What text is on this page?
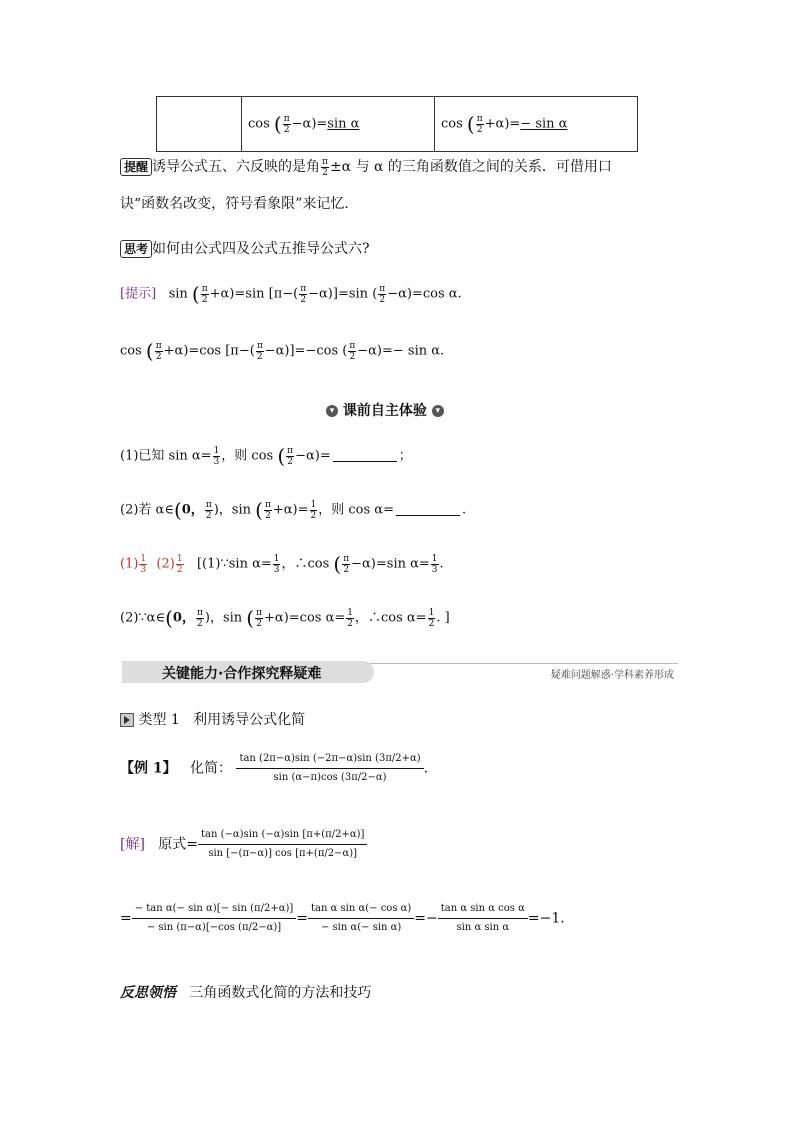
	cos ( $\frac{\pi}{2} -\alpha)=\sin$ α	cos ( $\frac{\pi}{2} +\alpha)=- \sin \alpha$
提醒 诱导公式五、六反映的是角 $\frac{\pi}{2} \pm\alpha$ 与 α 的三角函数值之间的关系．可借用口
诀“函数名改变，符号看象限”来记忆.
思考 如何由公式四及公式五推导公式六?
[提示] sin ( $\frac{\pi}{2} +\alpha)=\sin$ $[\pi-( \frac{\pi}{2} -\alpha)]=\sin$ ( $\frac{\pi}{2} -\alpha)=\cos$ α.
cos ( $\frac{\pi}{2} +\alpha)=\cos$ $[\pi-( \frac{\pi}{2} -\alpha)]=-\cos$ ( $\frac{\pi}{2} -\alpha)=- \sin \alpha$.
▾ 课前自主体验 ▾
(1)已知 $\sin \alpha= \frac{1}{3}$ ，则 cos ( $\frac{\pi}{2} -\alpha)=$	；
(2)若 α∈(0， $\frac{\pi}{2}$ )，sin ( $\frac{\pi}{2} +\alpha)= \frac{1}{2}$ ，则 cos α=	.
$(1) \frac{1}{3} (2) \frac{1}{2}$ [(1)∵sin $\alpha= \frac{1}{3}$ ，∴cos ( $\frac{\pi}{2} -\alpha)=\sin$ $\alpha= \frac{1}{3}$ .
(2)∵α∈(0， $\frac{\pi}{2}$ )，sin ( $\frac{\pi}{2} +\alpha)=\cos$ $\alpha= \frac{1}{2}$ ，∴cos $\alpha= \frac{1}{2}$ . ]
关键能力·合作探究释疑难	疑难问题解惑·学科素养形成
类型 1 利用诱导公式化简
【例 1】 化简： $\frac{\tan (2\pi-\alpha)\sin (-2\pi-\alpha)\sin (3\pi/2+\alpha)}{\sin (\alpha-\pi)\cos (3\pi/2-\alpha)}$ .
[解] 原式= $\frac{\tan (-\alpha)\sin (-\alpha)\sin [\pi+(\pi/2+\alpha)]}{\sin [-(\pi-\alpha)] \cos [\pi+(\pi/2-\alpha)]}$
= $\frac{\text{− tan α(− sin α)[− sin (π/2+α)]}}{- \sin (\pi-\alpha)[-\cos (\pi/2-\alpha)]} = \frac{\text{tan α sin α(− cos α)}}{\text{− sin α(− sin α)}} =- \frac{\text{tan α sin α cos α}}{\text{sin α sin α}} =-1$.
反思领悟 三角函数式化简的方法和技巧
